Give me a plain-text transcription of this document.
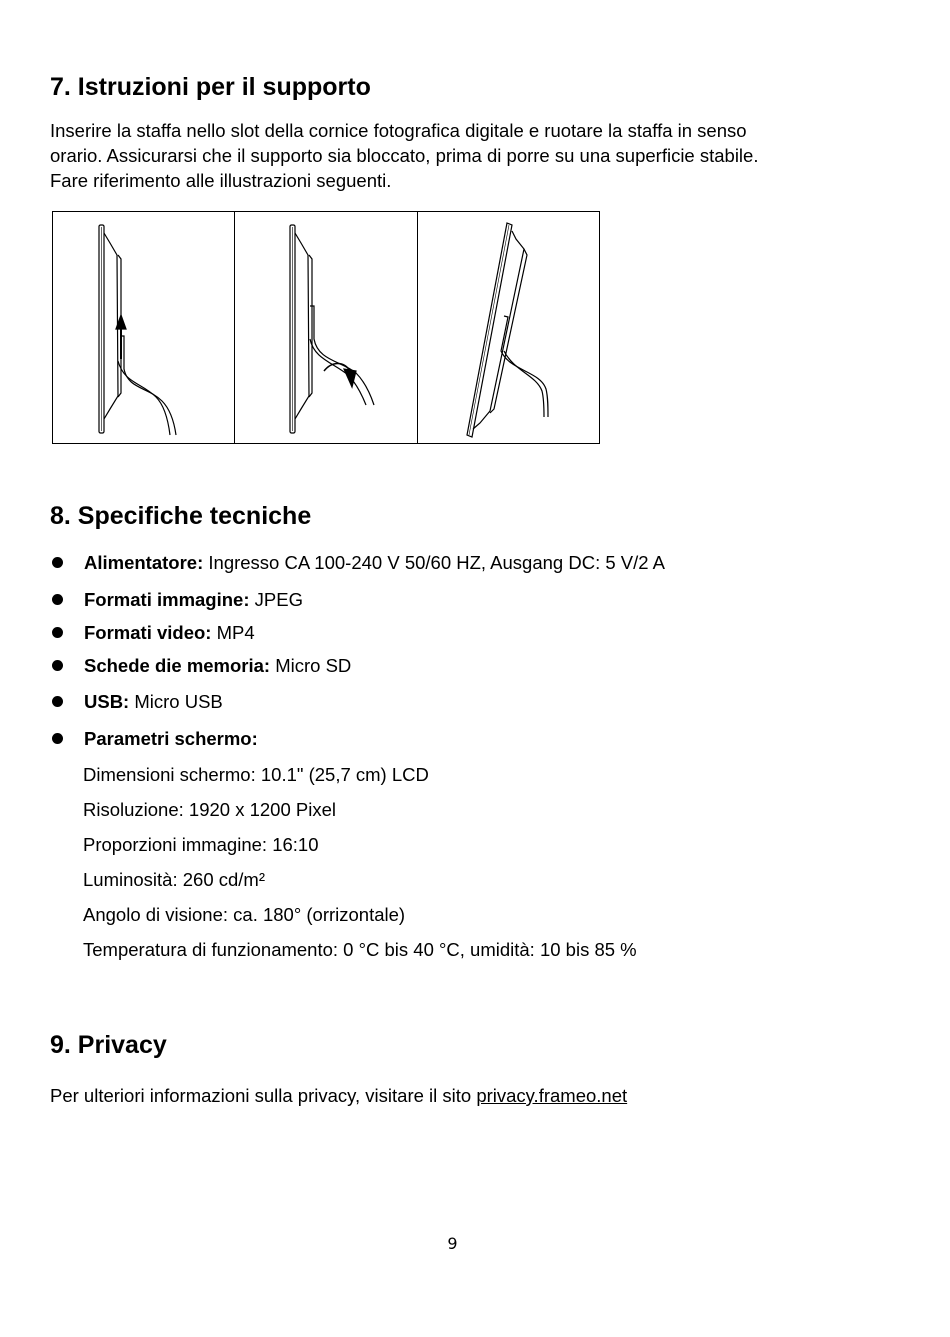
7. Istruzioni per il supporto
Inserire la staffa nello slot della cornice fotografica digitale e ruotare la staffa in senso
orario. Assicurarsi che il supporto sia bloccato, prima di porre su una superficie stabile.
Fare riferimento alle illustrazioni seguenti.
8. Specifiche tecniche
Alimentatore: Ingresso CA 100-240 V 50/60 HZ, Ausgang DC: 5 V/2 A
Formati immagine: JPEG
Formati video: MP4
Schede die memoria: Micro SD
USB: Micro USB
Parametri schermo:
Dimensioni schermo: 10.1" (25,7 cm) LCD
Risoluzione: 1920 x 1200 Pixel
Proporzioni immagine: 16:10
Luminosità: 260 cd/m²
Angolo di visione: ca. 180° (orrizontale)
Temperatura di funzionamento: 0 °C bis 40 °C, umidità: 10 bis 85 %
9. Privacy
Per ulteriori informazioni sulla privacy, visitare il sito privacy.frameo.net
9
